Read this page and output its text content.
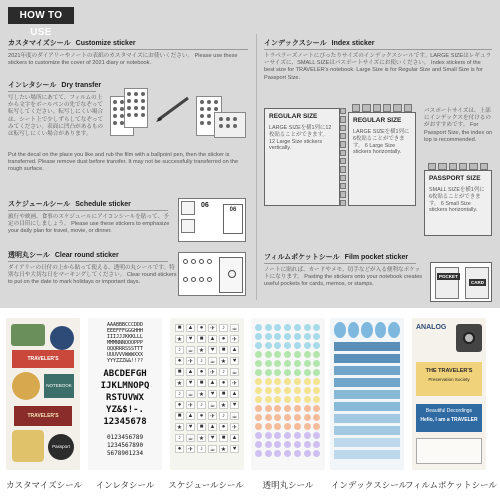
HOW TO USE
カスタマイズシール Customize sticker
2021年度のダイアリーやノートの表紙のカスタマイズにお使いください。 Please use these stickers to customize the cover of 2021 diary or notebook.
インレタシール Dry transfer
写したい場所にあてて、フィルムの上から文字をボールペンの先でなぞって転写してください。転写しにくい場合は、シート上で少しずらしてなぞってみてください。表面に凹凸があるものは転写しにくい場合があります。
Put the decal on the place you like and rub the film with a ballpoint pen, then the sticker is transferred. Please remove dust before transfer. It may not be successfully transferred on the rough surface.
スケジュールシール Schedule sticker
旅行や映画、食事のスケジュールにアイコンシールを貼って、予定の目印にしましょう。 Please use these stickers to emphasize your daily plan for travel, movie, or dinner.
06
06
透明丸シール Clear round sticker
ダイアリーの日付の上から貼って使える、透明の丸シールです。特別な日や大切な日をマーキングしてください。 Clear round stickers to put on the date to mark holidays or important days.
インデックスシール Index sticker
トラベラーズノートにぴったりサイズのインデックスシールです。LARGE SIZEはレギュラーサイズに、SMALL SIZEはパスポートサイズにお使いください。 Index stickers of the best size for TRAVELER's notebook. Large Size is for Regular Size and Small Size is for Passport Size.
REGULAR SIZE
LARGE SIZEを横1列に12枚貼ることができます。 12 Large Size stickers vertically.
REGULAR SIZE
LARGE SIZEを横1列に6枚貼ることができます。 6 Large Size stickers horizontally.
パスポートサイズは、上部にインデックスを付けるのがおすすめです。 For Passport Size, the index on top is recommended.
PASSPORT SIZE
SMALL SIZEを横1列に6枚貼ることができます。 6 Small Size stickers horizontally.
フィルムポケットシール Film pocket sticker
ノートに貼れば、カードやメモ、切手などが入る便利なポケットになります。 Pasting the stickers onto your notebook creates useful pockets for cards, memos, or stamps.
POCKET
CARD
TRAVELER'S
NOTEBOOK
TRAVELER'S
Passport
カスタマイズシール
AAABBBCCCDDD
EEEFFFGGGHHH
IIIJJJKKKLLL
MMMNNNOOOPPP
QQQRRRSSSTTT
UUUVVVWWWXXX
YYYZZZ&&!!??
ABCDEFGH
IJKLMNOPQ
RSTUVWX
YZ&$!-.
12345678
0123456789
1234567890
5678901234
インレタシール
■	▲	●	✈	♪	☕
★	♥	■	▲	●	✈
♪	☕ ★	♥	■	▲
●	✈	♪	☕ ★	♥
■	▲	●	✈	♪	☕
★	♥	■	▲	●	✈
♪	☕ ★	♥	■	▲
●	✈	♪	☕ ★	♥
■	▲	●	✈	♪	☕
★	♥	■	▲	●	✈
♪	☕ ★	♥	■	▲
●	✈	♪	☕ ★	♥
スケジュールシール	透明丸シール	インデックスシール
ANALOG
THE TRAVELER'S
Preservation Society
Beautiful Decordings
Hello, I am a TRAVELER
フィルムポケットシール
